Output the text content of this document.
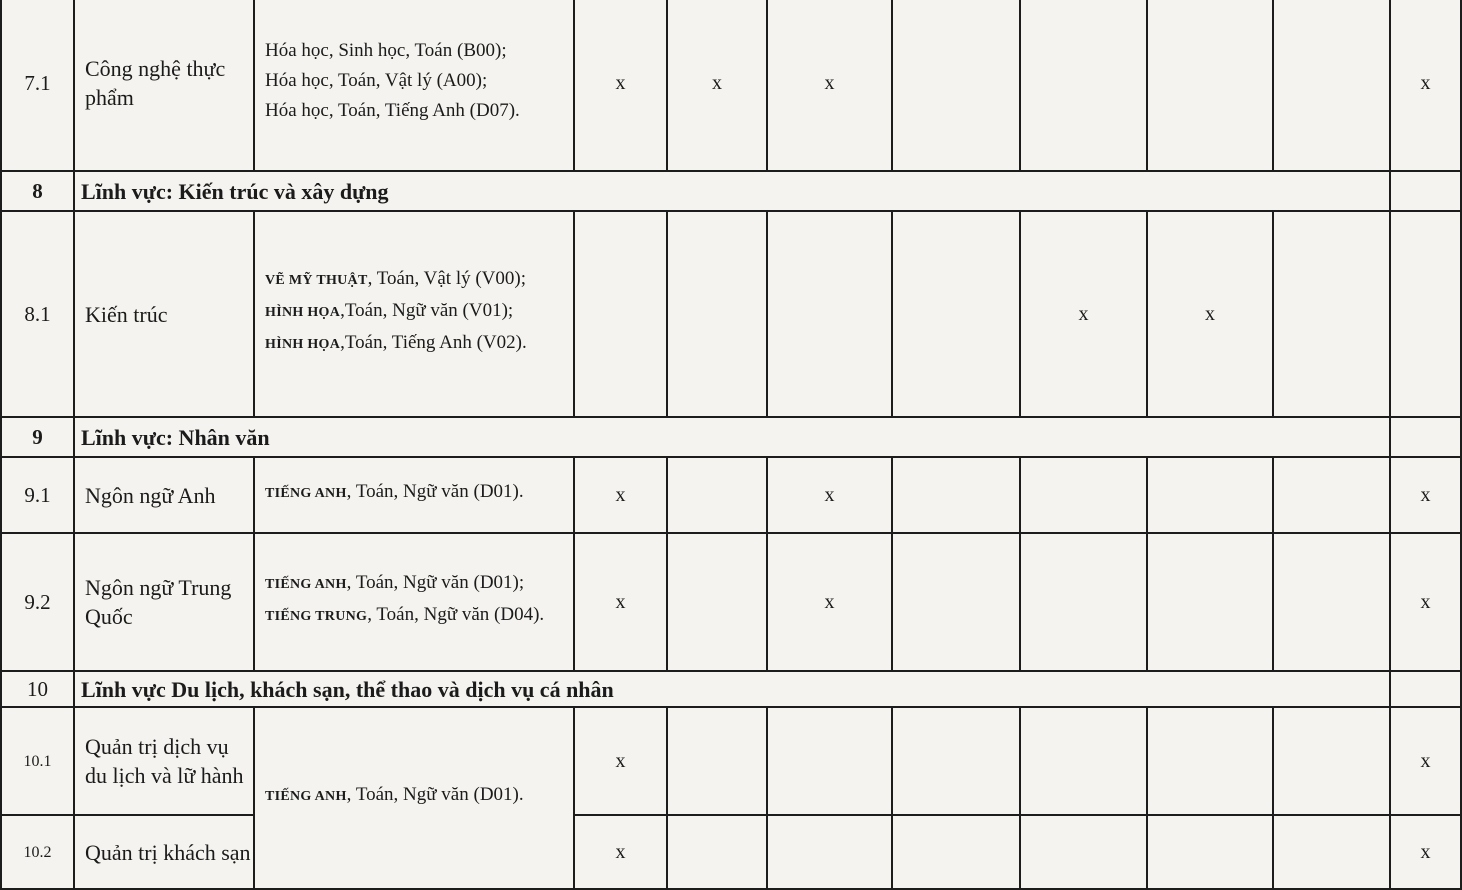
7.1	Công nghệ thực phẩm	Hóa học, Sinh học, Toán (B00);
Hóa học, Toán, Vật lý (A00);
Hóa học, Toán, Tiếng Anh (D07).	x	x	x					x
8	Lĩnh vực: Kiến trúc và xây dựng									
8.1	Kiến trúc	VẼ MỸ THUẬT, Toán, Vật lý (V00);
HÌNH HỌA,Toán, Ngữ văn (V01);
HÌNH HỌA,Toán, Tiếng Anh (V02).					x	x		
9	Lĩnh vực: Nhân văn									
9.1	Ngôn ngữ Anh	TIẾNG ANH, Toán, Ngữ văn (D01).	x		x					x
9.2	Ngôn ngữ Trung Quốc	TIẾNG ANH, Toán, Ngữ văn (D01);
TIẾNG TRUNG, Toán, Ngữ văn (D04).	x		x					x
10	Lĩnh vực Du lịch, khách sạn, thể thao và dịch vụ cá nhân									
10.1	Quản trị dịch vụ du lịch và lữ hành	TIẾNG ANH, Toán, Ngữ văn (D01).	x							x
10.2	Quản trị khách sạn		x							x
